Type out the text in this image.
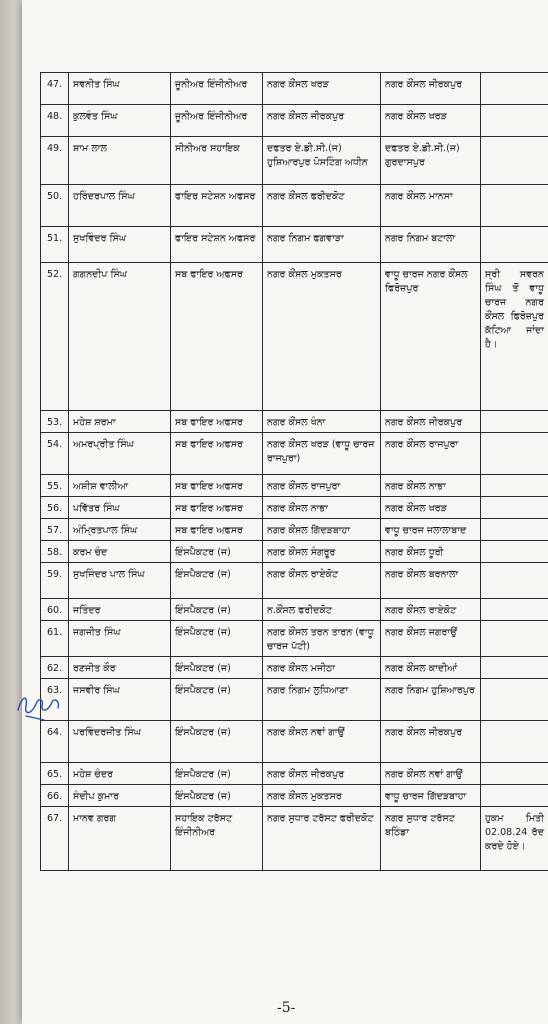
47.	ਸਵਨੀਤ ਸਿੰਘ	ਜੂਨੀਅਰ ਇੰਜੀਨੀਅਰ	ਨਗਰ ਕੌਂਸਲ ਖਰੜ	ਨਗਰ ਕੌਂਸਲ ਜੀਰਕਪੁਰ	
48.	ਕੁਲਵੰਤ ਸਿੰਘ	ਜੂਨੀਅਰ ਇੰਜੀਨੀਅਰ	ਨਗਰ ਕੌਂਸਲ ਜੀਰਕਪੁਰ	ਨਗਰ ਕੌਂਸਲ ਖਰੜ	
49.	ਸ਼ਾਮ ਲਾਲ	ਸੀਨੀਅਰ ਸਹਾਇਕ	ਦਫਤਰ ਏ.ਡੀ.ਸੀ.(ਜ) ਹੁਸ਼ਿਆਰਪੁਰ ਪੋਸਟਿੰਗ ਅਧੀਨ	ਦਫਤਰ ਏ.ਡੀ.ਸੀ.(ਜ) ਗੁਰਦਾਸਪੁਰ	
50.	ਹਰਿੰਦਰਪਾਲ ਸਿੰਘ	ਫਾਇਰ ਸਟੇਸ਼ਨ ਅਫਸਰ	ਨਗਰ ਕੌਂਸਲ ਫਰੀਦਕੋਟ	ਨਗਰ ਕੌਂਸਲ ਮਾਨਸਾ	
51.	ਸੁਖਵਿੰਦਰ ਸਿੰਘ	ਫਾਇਰ ਸਟੇਸ਼ਨ ਅਫਸਰ	ਨਗਰ ਨਿਗਮ ਫਗਵਾੜਾ	ਨਗਰ ਨਿਗਮ ਬਟਾਲਾ	
52.	ਗਗਨਦੀਪ ਸਿੰਘ	ਸਬ ਫਾਇਰ ਅਫਸਰ	ਨਗਰ ਕੌਂਸਲ ਮੁਕਤਸਰ	ਵਾਧੂ ਚਾਰਜ ਨਗਰ ਕੌਂਸਲ ਫਿਰੋਜ਼ਪੁਰ	ਸ੍ਰੀ ਸਵਰਨ ਸਿੰਘ ਤੋਂ ਵਾਧੂ ਚਾਰਜ ਨਗਰ ਕੌਂਸਲ ਫਿਰੋਜ਼ਪੁਰ ਕੱਟਿਆ ਜਾਂਦਾ ਹੈ।
53.	ਮਹੇਸ਼ ਸ਼ਰਮਾ	ਸਬ ਫਾਇਰ ਅਫਸਰ	ਨਗਰ ਕੌਂਸਲ ਖੰਨਾ	ਨਗਰ ਕੌਂਸਲ ਜੀਰਕਪੁਰ	
54.	ਅਮਰਪ੍ਰੀਤ ਸਿੰਘ	ਸਬ ਫਾਇਰ ਅਫਸਰ	ਨਗਰ ਕੌਂਸਲ ਖਰੜ (ਵਾਧੂ ਚਾਰਜ ਰਾਜਪੁਰਾ)	ਨਗਰ ਕੌਂਸਲ ਰਾਜਪੁਰਾ	
55.	ਅਸ਼ੀਸ਼ ਵਾਲੀਆ	ਸਬ ਫਾਇਰ ਅਫਸਰ	ਨਗਰ ਕੌਂਸਲ ਰਾਜਪੁਰਾ	ਨਗਰ ਕੌਂਸਲ ਨਾਭਾ	
56.	ਪਵਿੱਤਰ ਸਿੰਘ	ਸਬ ਫਾਇਰ ਅਫਸਰ	ਨਗਰ ਕੌਂਸਲ ਨਾਭਾ	ਨਗਰ ਕੌਂਸਲ ਖਰੜ	
57.	ਅੰਮ੍ਰਿਤਪਾਲ ਸਿੰਘ	ਸਬ ਫਾਇਰ ਅਫਸਰ	ਨਗਰ ਕੌਂਸਲ ਗਿੱਦੜਬਾਹਾ	ਵਾਧੂ ਚਾਰਜ ਜਲਾਲਾਬਾਦ	
58.	ਕਰਮ ਚੰਦ	ਇੰਸਪੈਕਟਰ (ਜ)	ਨਗਰ ਕੌਂਸਲ ਸੰਗਰੂਰ	ਨਗਰ ਕੌਂਸਲ ਧੂਰੀ	
59.	ਸੁਖਜਿੰਦਰ ਪਾਲ ਸਿੰਘ	ਇੰਸਪੈਕਟਰ (ਜ)	ਨਗਰ ਕੌਂਸਲ ਰਾਏਕੋਟ	ਨਗਰ ਕੌਂਸਲ ਬਰਨਾਲਾ	
60.	ਜਤਿੰਦਰ	ਇੰਸਪੈਕਟਰ (ਜ)	ਨ.ਕੌਂਸਲ ਫਰੀਦਕੋਟ	ਨਗਰ ਕੌਂਸਲ ਰਾਏਕੋਟ	
61.	ਜਗਜੀਤ ਸਿੰਘ	ਇੰਸਪੈਕਟਰ (ਜ)	ਨਗਰ ਕੌਂਸਲ ਤਰਨ ਤਾਰਨ (ਵਾਧੂ ਚਾਰਜ ਪੱਟੀ)	ਨਗਰ ਕੌਂਸਲ ਜਗਰਾਉਂ	
62.	ਰਣਜੀਤ ਕੌਰ	ਇੰਸਪੈਕਟਰ (ਜ)	ਨਗਰ ਕੌਂਸਲ ਮਜੀਠਾ	ਨਗਰ ਕੌਂਸਲ ਕਾਦੀਆਂ	
63.	ਜਸਵੀਰ ਸਿੰਘ	ਇੰਸਪੈਕਟਰ (ਜ)	ਨਗਰ ਨਿਗਮ ਲੁਧਿਆਣਾ	ਨਗਰ ਨਿਗਮ ਹੁਸ਼ਿਆਰਪੁਰ	
64.	ਪਰਵਿੰਦਰਜੀਤ ਸਿੰਘ	ਇੰਸਪੈਕਟਰ (ਜ)	ਨਗਰ ਕੌਂਸਲ ਨਵਾਂ ਗਾਉਂ	ਨਗਰ ਕੌਂਸਲ ਜੀਰਕਪੁਰ	
65.	ਮਹੇਸ਼ ਚੰਦਰ	ਇੰਸਪੈਕਟਰ (ਜ)	ਨਗਰ ਕੌਂਸਲ ਜੀਰਕਪੁਰ	ਨਗਰ ਕੌਂਸਲ ਨਵਾਂ ਗਾਉਂ	
66.	ਸੰਦੀਪ ਕੁਮਾਰ	ਇੰਸਪੈਕਟਰ (ਜ)	ਨਗਰ ਕੌਂਸਲ ਮੁਕਤਸਰ	ਵਾਧੂ ਚਾਰਜ ਗਿੱਦੜਬਾਹਾ	
67.	ਮਾਨਵ ਗਰਗ	ਸਹਾਇਕ ਟਰੱਸਟ ਇੰਜੀਨੀਅਰ	ਨਗਰ ਸੁਧਾਰ ਟਰੱਸਟ ਫਰੀਦਕੋਟ	ਨਗਰ ਸੁਧਾਰ ਟਰੱਸਟ ਬਠਿੰਡਾ	ਹੁਕਮ ਮਿਤੀ 02.08.24 ਰੱਦ ਕਰਦੇ ਹੋਏ।
-5-
